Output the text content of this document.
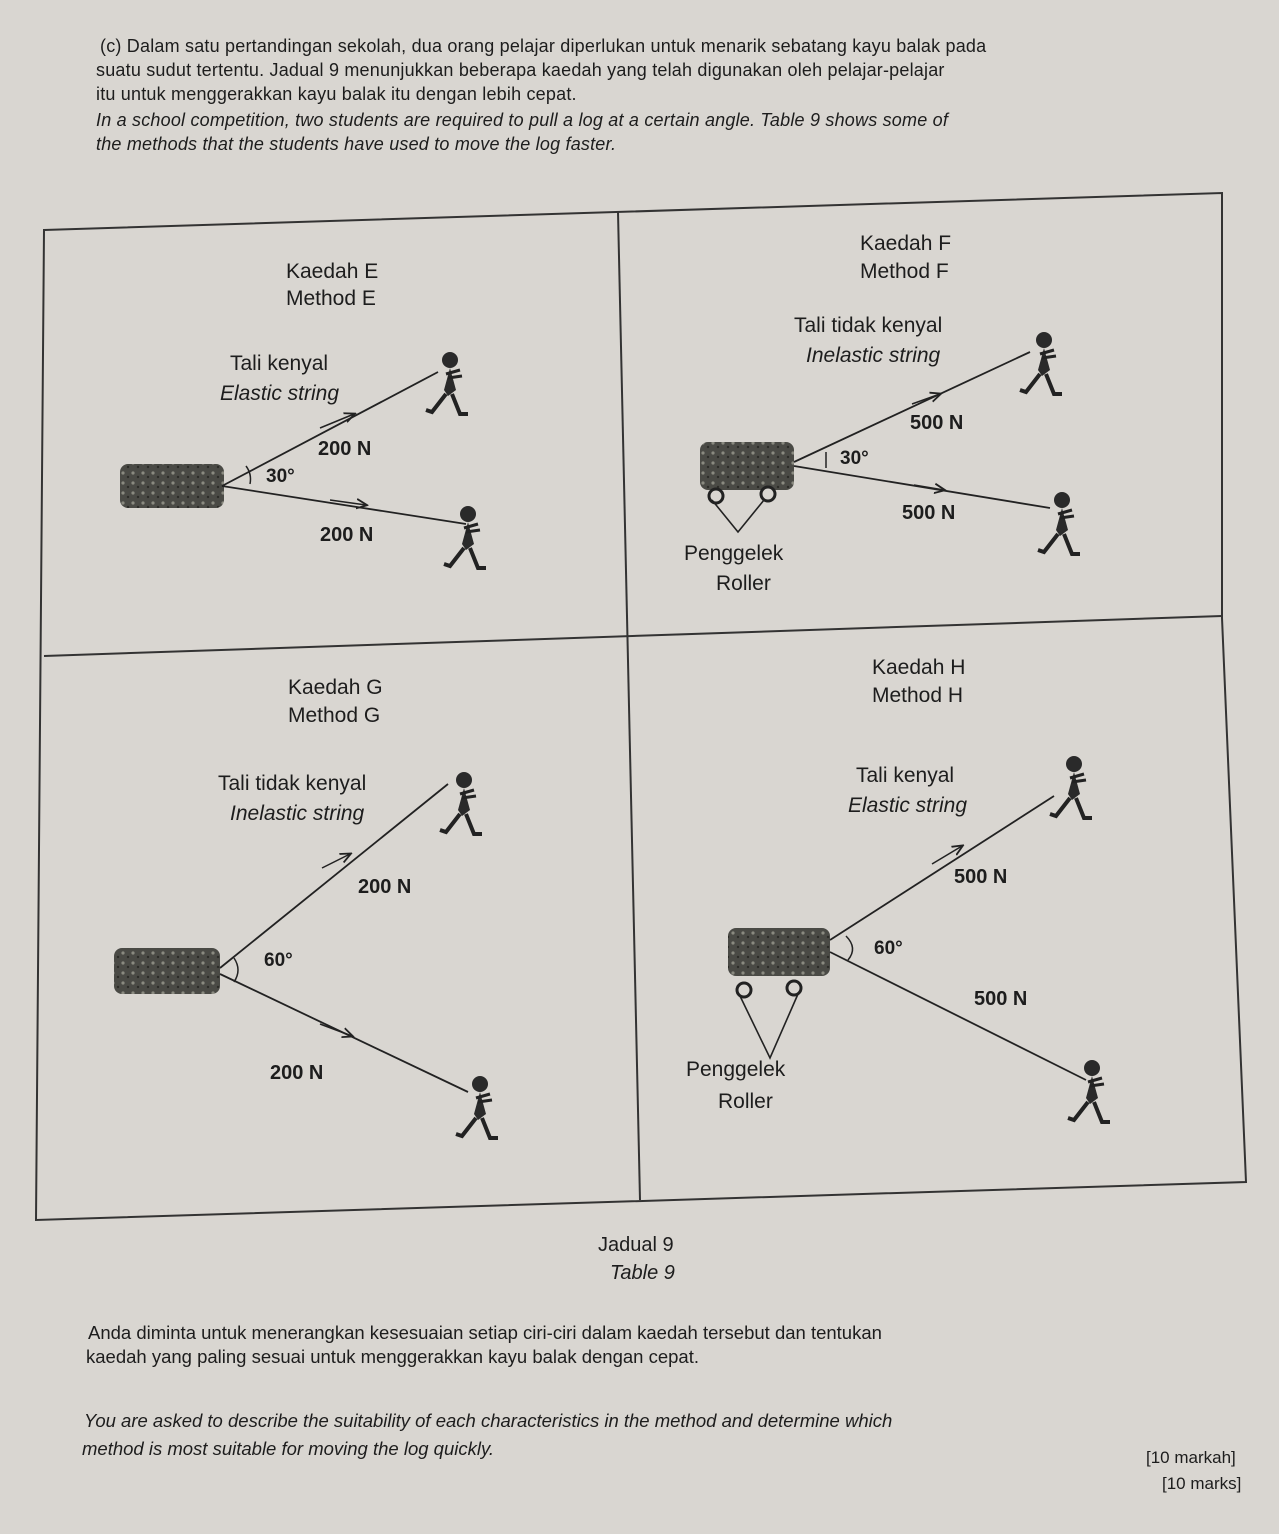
(c) Dalam satu pertandingan sekolah, dua orang pelajar diperlukan untuk menarik sebatang kayu balak pada
suatu sudut tertentu. Jadual 9 menunjukkan beberapa kaedah yang telah digunakan oleh pelajar-pelajar
itu untuk menggerakkan kayu balak itu dengan lebih cepat.
In a school competition, two students are required to pull a log at a certain angle. Table 9 shows some of
the methods that the students have used to move the log faster.
Kaedah E
Method E
Tali kenyal
Elastic string
200 N
30°
200 N
Kaedah F
Method F
Tali tidak kenyal
Inelastic string
500 N
30°
500 N
Penggelek
Roller
Kaedah G
Method G
Tali tidak kenyal
Inelastic string
200 N
60°
200 N
Kaedah H
Method H
Tali kenyal
Elastic string
500 N
60°
500 N
Penggelek
Roller
Jadual 9
Table 9
Anda diminta untuk menerangkan kesesuaian setiap ciri-ciri dalam kaedah tersebut dan tentukan
kaedah yang paling sesuai untuk menggerakkan kayu balak dengan cepat.
You are asked to describe the suitability of each characteristics in the method and determine which
method is most suitable for moving the log quickly.	[10 markah]
[10 marks]
